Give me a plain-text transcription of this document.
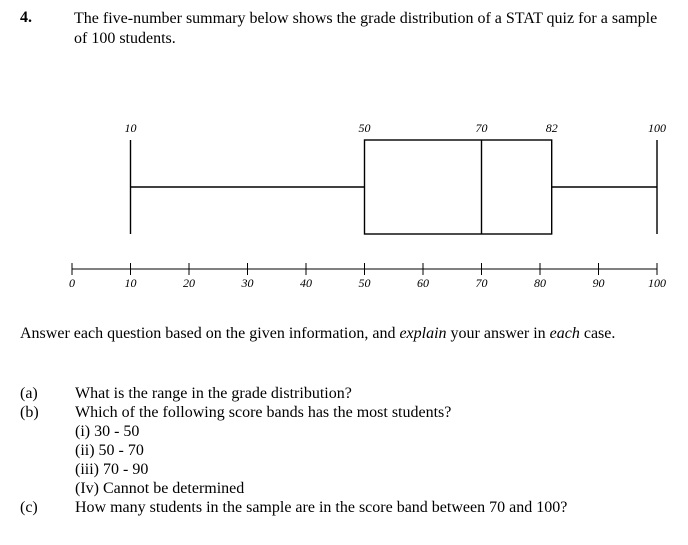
4.	The five-number summary below shows the grade distribution of a STAT quiz for a sample of 100 students.
10	50	70	82	100
0	10	20	30	40	50	60	70	80	90	100
Answer each question based on the given information, and explain your answer in each case.
(a) What is the range in the grade distribution?
(b) Which of the following score bands has the most students?
(i) 30 - 50
(ii) 50 - 70
(iii) 70 - 90
(Iv) Cannot be determined
(c) How many students in the sample are in the score band between 70 and 100?
